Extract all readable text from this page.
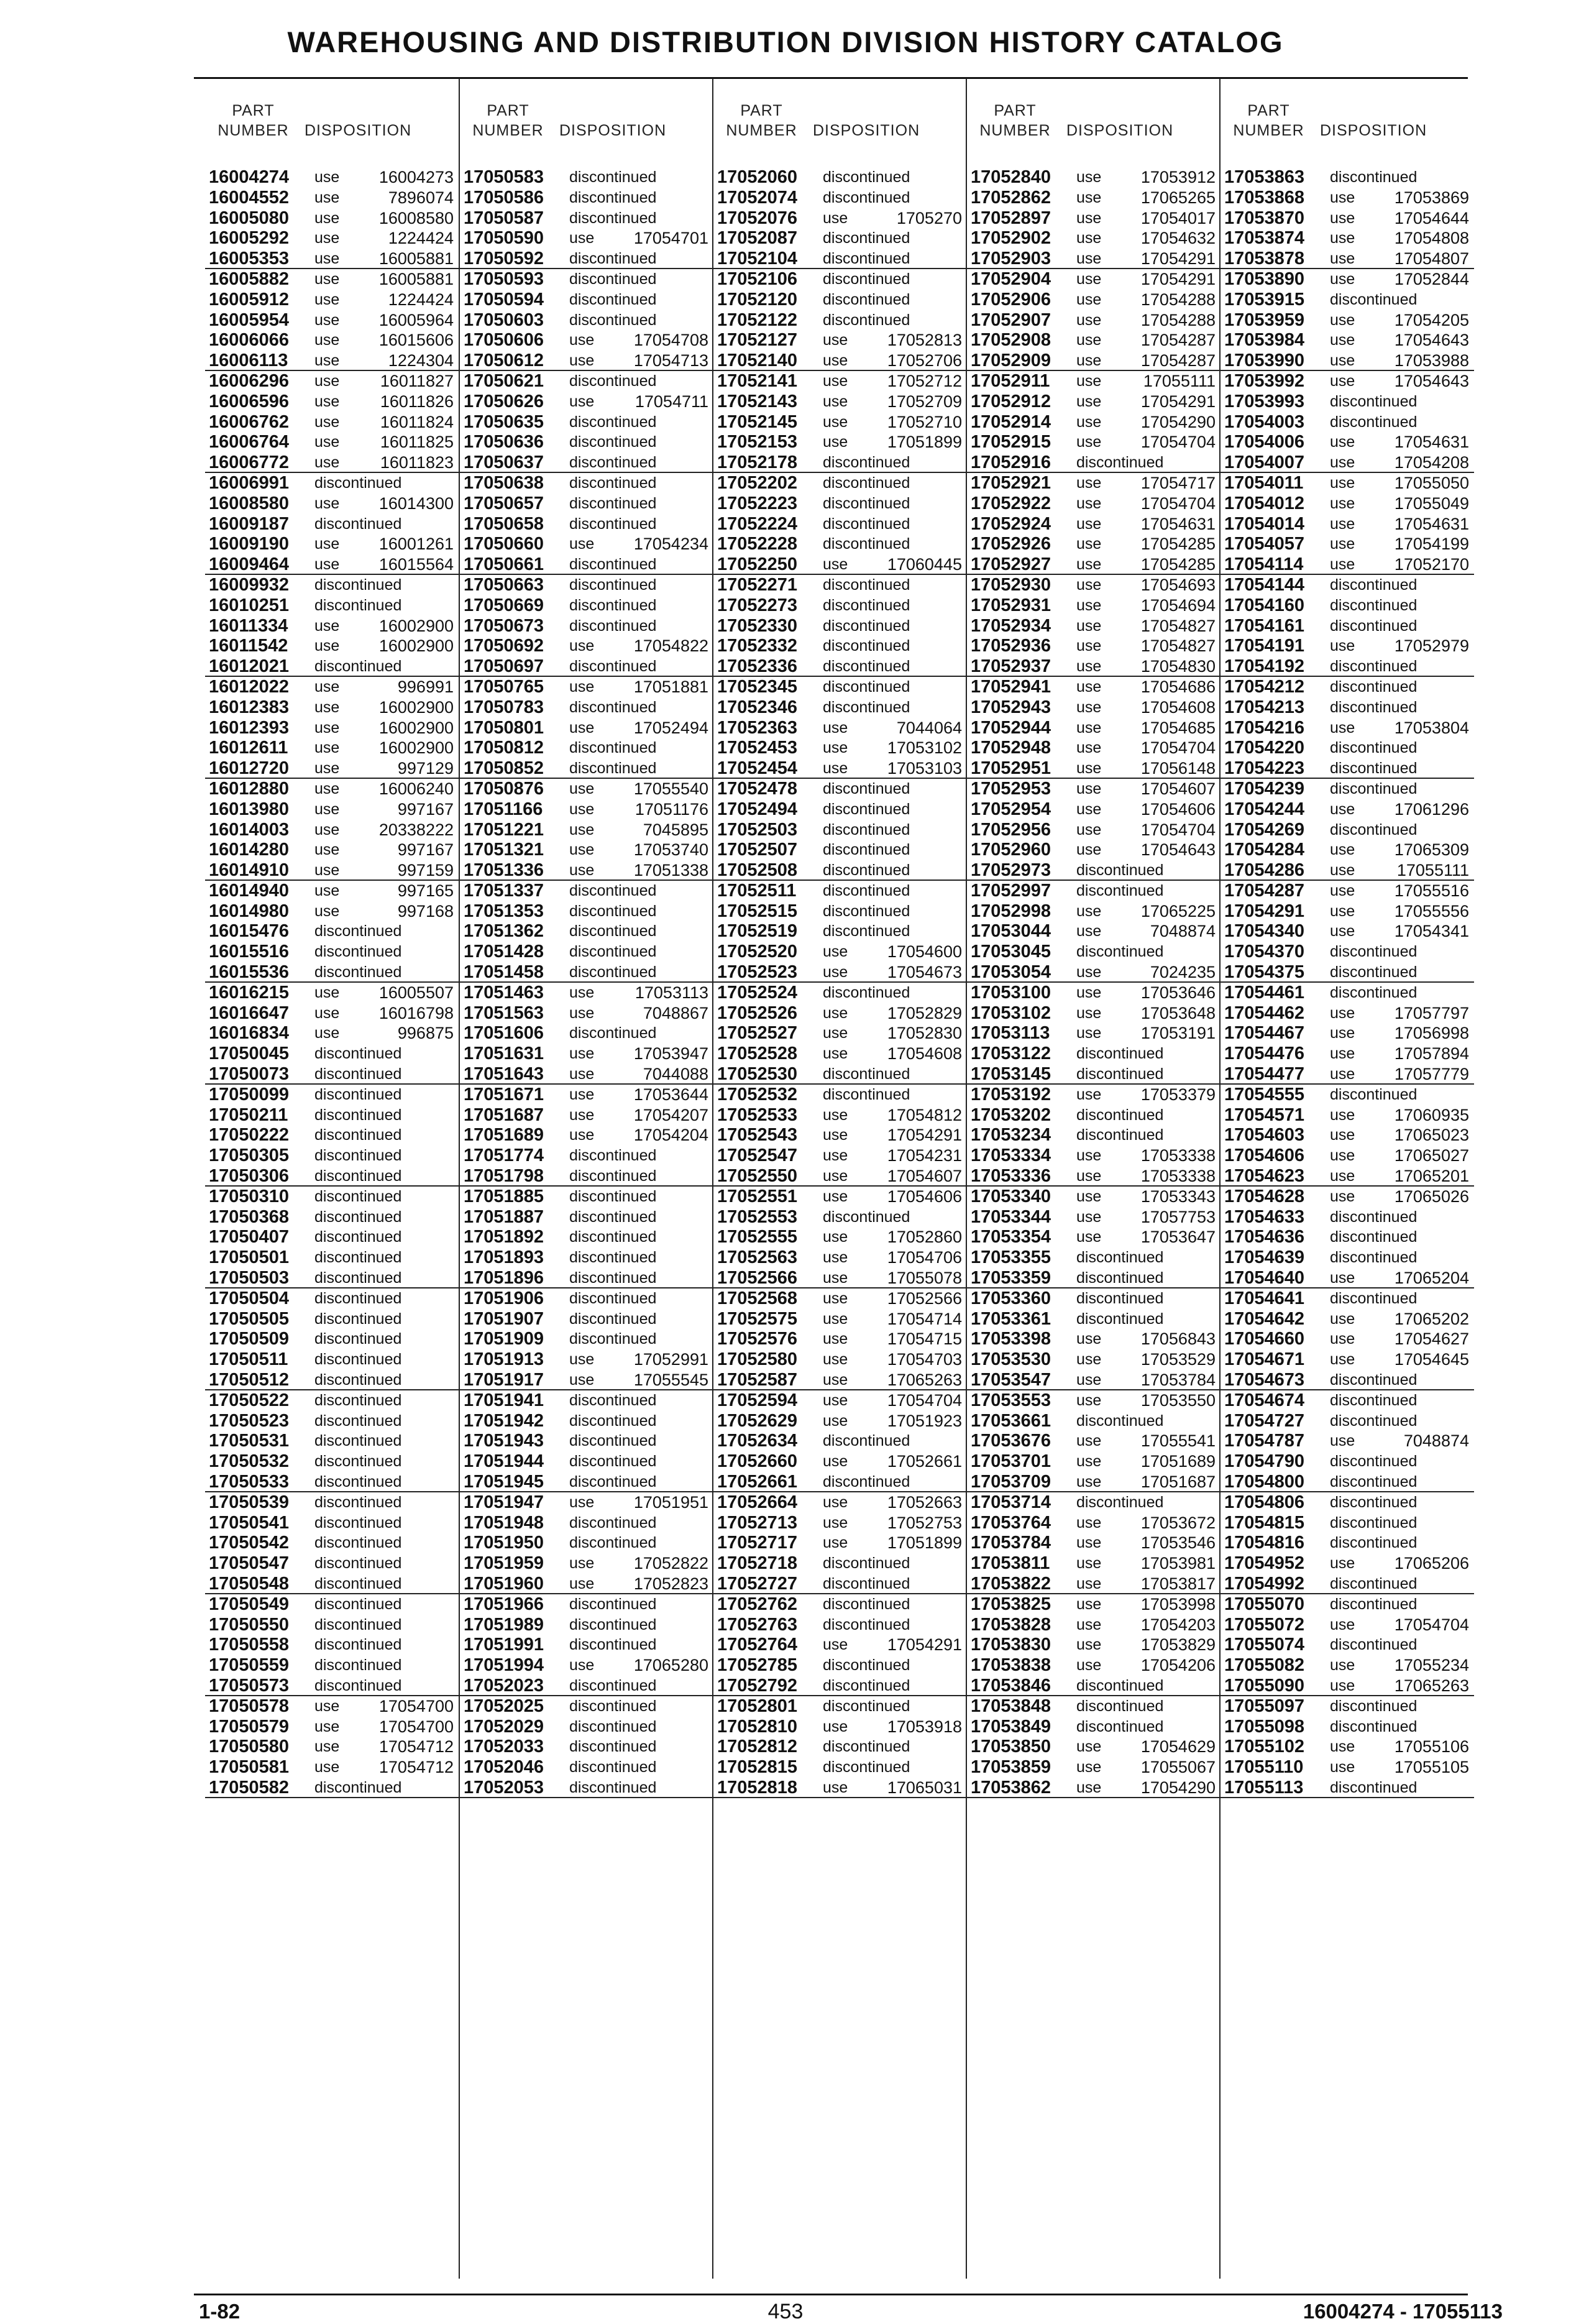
WAREHOUSING AND DISTRIBUTION DIVISION HISTORY CATALOG
PART
NUMBER	DISPOSITION
16004274 use	16004273
16004552 use	7896074
16005080 use	16008580
16005292 use	1224424
16005353 use	16005881
16005882 use	16005881
16005912 use	1224424
16005954 use	16005964
16006066 use	16015606
16006113 use	1224304
16006296 use	16011827
16006596 use	16011826
16006762 use	16011824
16006764 use	16011825
16006772 use	16011823
16006991 discontinued
16008580 use	16014300
16009187 discontinued
16009190 use	16001261
16009464 use	16015564
16009932 discontinued
16010251 discontinued
16011334 use	16002900
16011542 use	16002900
16012021 discontinued
16012022 use	996991
16012383 use	16002900
16012393 use	16002900
16012611 use	16002900
16012720 use	997129
16012880 use	16006240
16013980 use	997167
16014003 use	20338222
16014280 use	997167
16014910 use	997159
16014940 use	997165
16014980 use	997168
16015476 discontinued
16015516 discontinued
16015536 discontinued
16016215 use	16005507
16016647 use	16016798
16016834 use	996875
17050045 discontinued
17050073 discontinued
17050099 discontinued
17050211 discontinued
17050222 discontinued
17050305 discontinued
17050306 discontinued
17050310 discontinued
17050368 discontinued
17050407 discontinued
17050501 discontinued
17050503 discontinued
17050504 discontinued
17050505 discontinued
17050509 discontinued
17050511 discontinued
17050512 discontinued
17050522 discontinued
17050523 discontinued
17050531 discontinued
17050532 discontinued
17050533 discontinued
17050539 discontinued
17050541 discontinued
17050542 discontinued
17050547 discontinued
17050548 discontinued
17050549 discontinued
17050550 discontinued
17050558 discontinued
17050559 discontinued
17050573 discontinued
17050578 use	17054700
17050579 use	17054700
17050580 use	17054712
17050581 use	17054712
17050582 discontinued
PART
NUMBER	DISPOSITION
17050583 discontinued
17050586 discontinued
17050587 discontinued
17050590 use	17054701
17050592 discontinued
17050593 discontinued
17050594 discontinued
17050603 discontinued
17050606 use	17054708
17050612 use	17054713
17050621 discontinued
17050626 use	17054711
17050635 discontinued
17050636 discontinued
17050637 discontinued
17050638 discontinued
17050657 discontinued
17050658 discontinued
17050660 use	17054234
17050661 discontinued
17050663 discontinued
17050669 discontinued
17050673 discontinued
17050692 use	17054822
17050697 discontinued
17050765 use	17051881
17050783 discontinued
17050801 use	17052494
17050812 discontinued
17050852 discontinued
17050876 use	17055540
17051166 use	17051176
17051221 use	7045895
17051321 use	17053740
17051336 use	17051338
17051337 discontinued
17051353 discontinued
17051362 discontinued
17051428 discontinued
17051458 discontinued
17051463 use	17053113
17051563 use	7048867
17051606 discontinued
17051631 use	17053947
17051643 use	7044088
17051671 use	17053644
17051687 use	17054207
17051689 use	17054204
17051774 discontinued
17051798 discontinued
17051885 discontinued
17051887 discontinued
17051892 discontinued
17051893 discontinued
17051896 discontinued
17051906 discontinued
17051907 discontinued
17051909 discontinued
17051913 use	17052991
17051917 use	17055545
17051941 discontinued
17051942 discontinued
17051943 discontinued
17051944 discontinued
17051945 discontinued
17051947 use	17051951
17051948 discontinued
17051950 discontinued
17051959 use	17052822
17051960 use	17052823
17051966 discontinued
17051989 discontinued
17051991 discontinued
17051994 use	17065280
17052023 discontinued
17052025 discontinued
17052029 discontinued
17052033 discontinued
17052046 discontinued
17052053 discontinued
PART
NUMBER	DISPOSITION
17052060 discontinued
17052074 discontinued
17052076 use	1705270
17052087 discontinued
17052104 discontinued
17052106 discontinued
17052120 discontinued
17052122 discontinued
17052127 use	17052813
17052140 use	17052706
17052141 use	17052712
17052143 use	17052709
17052145 use	17052710
17052153 use	17051899
17052178 discontinued
17052202 discontinued
17052223 discontinued
17052224 discontinued
17052228 discontinued
17052250 use	17060445
17052271 discontinued
17052273 discontinued
17052330 discontinued
17052332 discontinued
17052336 discontinued
17052345 discontinued
17052346 discontinued
17052363 use	7044064
17052453 use	17053102
17052454 use	17053103
17052478 discontinued
17052494 discontinued
17052503 discontinued
17052507 discontinued
17052508 discontinued
17052511 discontinued
17052515 discontinued
17052519 discontinued
17052520 use	17054600
17052523 use	17054673
17052524 discontinued
17052526 use	17052829
17052527 use	17052830
17052528 use	17054608
17052530 discontinued
17052532 discontinued
17052533 use	17054812
17052543 use	17054291
17052547 use	17054231
17052550 use	17054607
17052551 use	17054606
17052553 discontinued
17052555 use	17052860
17052563 use	17054706
17052566 use	17055078
17052568 use	17052566
17052575 use	17054714
17052576 use	17054715
17052580 use	17054703
17052587 use	17065263
17052594 use	17054704
17052629 use	17051923
17052634 discontinued
17052660 use	17052661
17052661 discontinued
17052664 use	17052663
17052713 use	17052753
17052717 use	17051899
17052718 discontinued
17052727 discontinued
17052762 discontinued
17052763 discontinued
17052764 use	17054291
17052785 discontinued
17052792 discontinued
17052801 discontinued
17052810 use	17053918
17052812 discontinued
17052815 discontinued
17052818 use	17065031
PART
NUMBER	DISPOSITION
17052840 use	17053912
17052862 use	17065265
17052897 use	17054017
17052902 use	17054632
17052903 use	17054291
17052904 use	17054291
17052906 use	17054288
17052907 use	17054288
17052908 use	17054287
17052909 use	17054287
17052911 use	17055111
17052912 use	17054291
17052914 use	17054290
17052915 use	17054704
17052916 discontinued
17052921 use	17054717
17052922 use	17054704
17052924 use	17054631
17052926 use	17054285
17052927 use	17054285
17052930 use	17054693
17052931 use	17054694
17052934 use	17054827
17052936 use	17054827
17052937 use	17054830
17052941 use	17054686
17052943 use	17054608
17052944 use	17054685
17052948 use	17054704
17052951 use	17056148
17052953 use	17054607
17052954 use	17054606
17052956 use	17054704
17052960 use	17054643
17052973 discontinued
17052997 discontinued
17052998 use	17065225
17053044 use	7048874
17053045 discontinued
17053054 use	7024235
17053100 use	17053646
17053102 use	17053648
17053113 use	17053191
17053122 discontinued
17053145 discontinued
17053192 use	17053379
17053202 discontinued
17053234 discontinued
17053334 use	17053338
17053336 use	17053338
17053340 use	17053343
17053344 use	17057753
17053354 use	17053647
17053355 discontinued
17053359 discontinued
17053360 discontinued
17053361 discontinued
17053398 use	17056843
17053530 use	17053529
17053547 use	17053784
17053553 use	17053550
17053661 discontinued
17053676 use	17055541
17053701 use	17051689
17053709 use	17051687
17053714 discontinued
17053764 use	17053672
17053784 use	17053546
17053811 use	17053981
17053822 use	17053817
17053825 use	17053998
17053828 use	17054203
17053830 use	17053829
17053838 use	17054206
17053846 discontinued
17053848 discontinued
17053849 discontinued
17053850 use	17054629
17053859 use	17055067
17053862 use	17054290
PART
NUMBER	DISPOSITION
17053863 discontinued
17053868 use	17053869
17053870 use	17054644
17053874 use	17054808
17053878 use	17054807
17053890 use	17052844
17053915 discontinued
17053959 use	17054205
17053984 use	17054643
17053990 use	17053988
17053992 use	17054643
17053993 discontinued
17054003 discontinued
17054006 use	17054631
17054007 use	17054208
17054011 use	17055050
17054012 use	17055049
17054014 use	17054631
17054057 use	17054199
17054114 use	17052170
17054144 discontinued
17054160 discontinued
17054161 discontinued
17054191 use	17052979
17054192 discontinued
17054212 discontinued
17054213 discontinued
17054216 use	17053804
17054220 discontinued
17054223 discontinued
17054239 discontinued
17054244 use	17061296
17054269 discontinued
17054284 use	17065309
17054286 use	17055111
17054287 use	17055516
17054291 use	17055556
17054340 use	17054341
17054370 discontinued
17054375 discontinued
17054461 discontinued
17054462 use	17057797
17054467 use	17056998
17054476 use	17057894
17054477 use	17057779
17054555 discontinued
17054571 use	17060935
17054603 use	17065023
17054606 use	17065027
17054623 use	17065201
17054628 use	17065026
17054633 discontinued
17054636 discontinued
17054639 discontinued
17054640 use	17065204
17054641 discontinued
17054642 use	17065202
17054660 use	17054627
17054671 use	17054645
17054673 discontinued
17054674 discontinued
17054727 discontinued
17054787 use	7048874
17054790 discontinued
17054800 discontinued
17054806 discontinued
17054815 discontinued
17054816 discontinued
17054952 use	17065206
17054992 discontinued
17055070 discontinued
17055072 use	17054704
17055074 discontinued
17055082 use	17055234
17055090 use	17065263
17055097 discontinued
17055098 discontinued
17055102 use	17055106
17055110 use	17055105
17055113 discontinued
1-82	453	16004274 - 17055113
